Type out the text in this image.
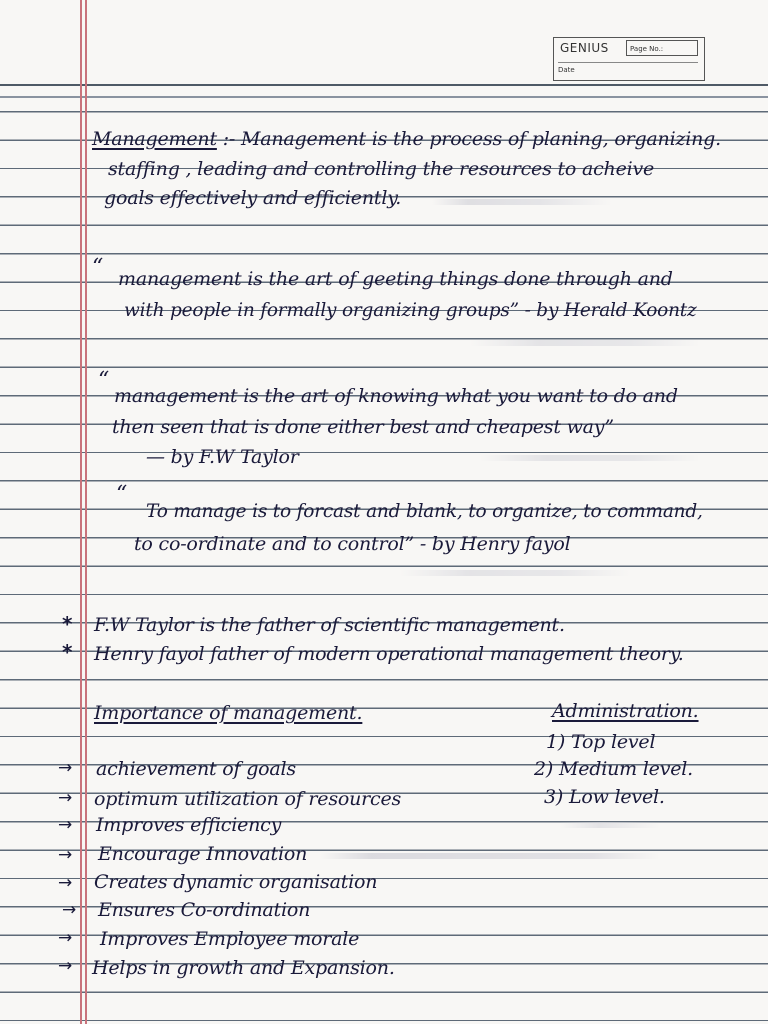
GENIUS	Page No.:
Date
Management :- Management is the process of planing, organizing.
staffing , leading and controlling the resources to acheive
goals effectively and efficiently.
“ management is the art of geeting things done through and
with people in formally organizing groups” - by Herald Koontz
“
management is the art of knowing what you want to do and
then seen that is done either best and cheapest way”
— by F.W Taylor
“
To manage is to forcast and blank, to organize, to command,
to co-ordinate and to control” - by Henry fayol
* F.W Taylor is the father of scientific management.
* Henry fayol father of modern operational management theory.
Importance of management.	Administration.
1) Top level
2) Medium level.
3) Low level.
→ achievement of goals
→ optimum utilization of resources
→ Improves efficiency
→ Encourage Innovation
→ Creates dynamic organisation
→ Ensures Co-ordination
→ Improves Employee morale
→ Helps in growth and Expansion.
